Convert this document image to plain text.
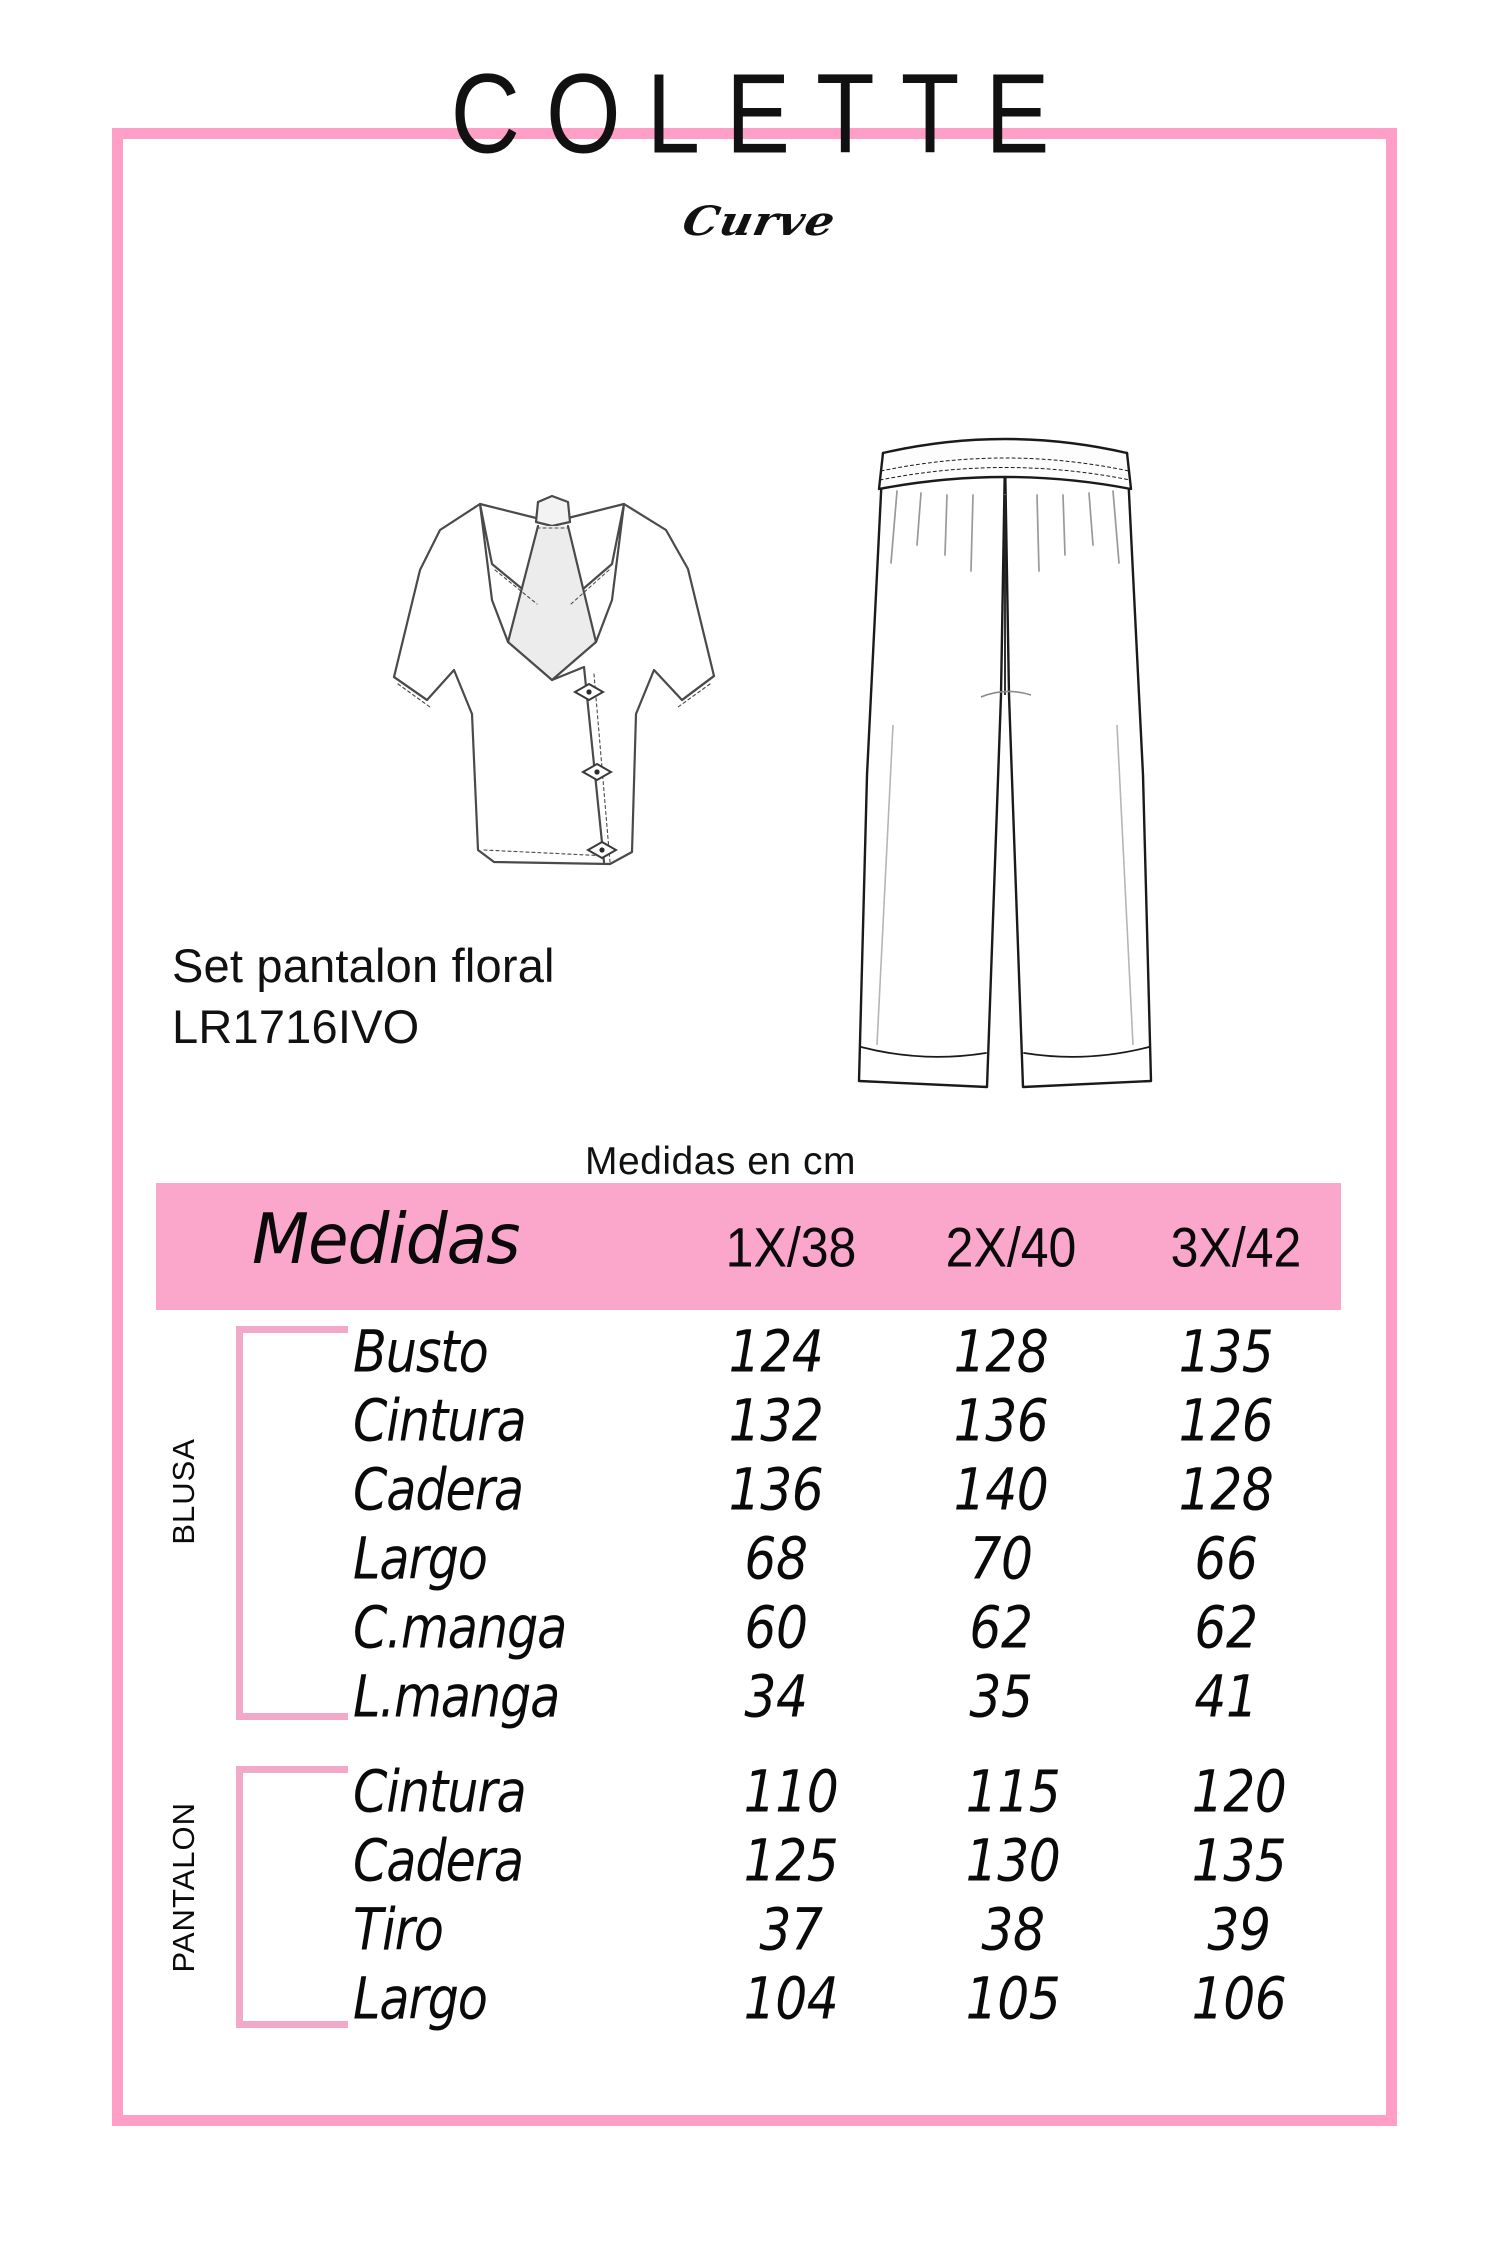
COLETTE
Curve
Set pantalon floral
LR1716IVO
Medidas en cm
Medidas	1X/38	2X/40	3X/42
BLUSA
Busto	124	128	135
Cintura	132	136	126
Cadera	136	140	128
Largo	68	70	66
C.manga	60	62	62
L.manga	34	35	41
PANTALON
Cintura	110	115	120
Cadera	125	130	135
Tiro	37	38	39
Largo	104	105	106
